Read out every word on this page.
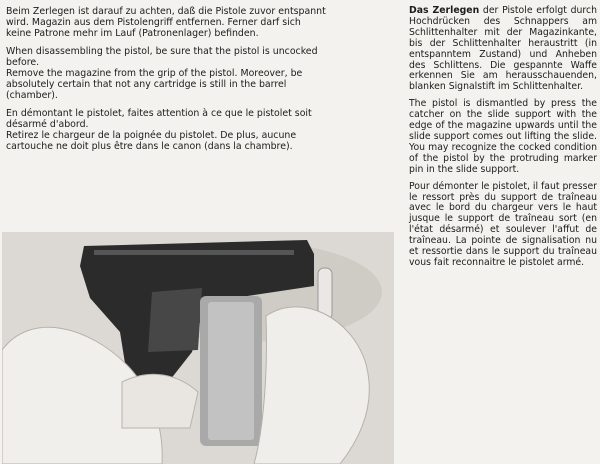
Beim Zerlegen ist darauf zu achten, daß die Pistole zuvor entspannt wird. Magazin aus dem Pistolengriff entfernen. Ferner darf sich keine Patrone mehr im Lauf (Patronenlager) befinden.

When disassembling the pistol, be sure that the pistol is uncocked before.
Remove the magazine from the grip of the pistol. Moreover, be absolutely certain that not any cartridge is still in the barrel (chamber).

En démontant le pistolet, faites attention à ce que le pistolet soit désarmé d'abord.
Retirez le chargeur de la poignée du pistolet. De plus, aucune cartouche ne doit plus être dans le canon (dans la chambre).

Das Zerlegen der Pistole erfolgt durch Hochdrücken des Schnappers am Schlittenhalter mit der Magazinkante, bis der Schlittenhalter heraustritt (in entspanntem Zustand) und Anheben des Schlittens. Die gespannte Waffe erkennen Sie am herausschauenden, blanken Signalstift im Schlittenhalter.

The pistol is dismantled by press the catcher on the slide support with the edge of the magazine upwards until the slide support comes out lifting the slide. You may recognize the cocked condition of the pistol by the protruding marker pin in the slide support.

Pour démonter le pistolet, il faut presser le ressort près du support de traîneau avec le bord du chargeur vers le haut jusque le support de traîneau sort (en l'état désarmé) et soulever l'affut de traîneau. La pointe de signalisation nu et ressortie dans le support du traîneau vous fait reconnaitre le pistolet armé.
